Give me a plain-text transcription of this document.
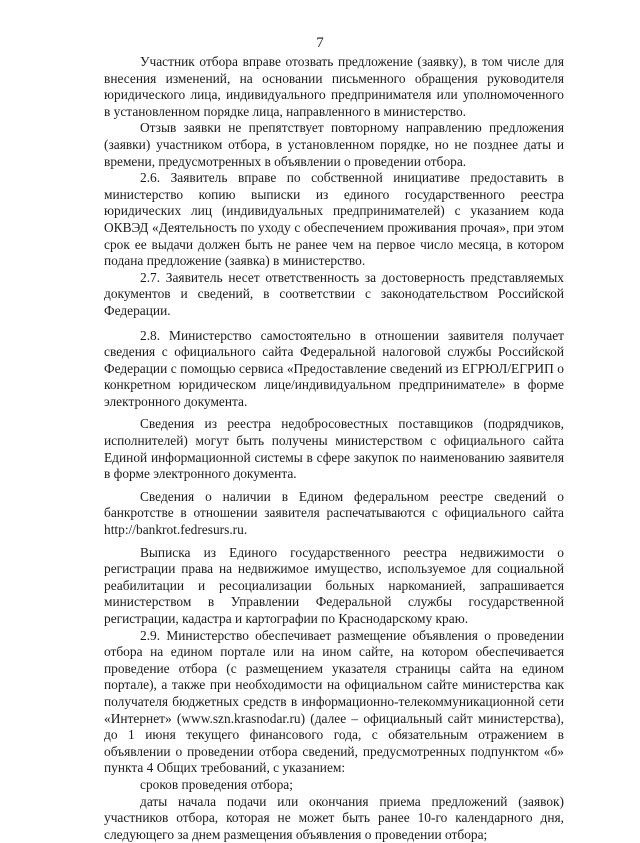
7

Участник отбора вправе отозвать предложение (заявку), в том числе для внесения изменений, на основании письменного обращения руководителя юридического лица, индивидуального предпринимателя или уполномоченного в установленном порядке лица, направленного в министерство.

Отзыв заявки не препятствует повторному направлению предложения (заявки) участником отбора, в установленном порядке, но не позднее даты и времени, предусмотренных в объявлении о проведении отбора.

2.6. Заявитель вправе по собственной инициативе предоставить в министерство копию выписки из единого государственного реестра юридических лиц (индивидуальных предпринимателей) с указанием кода ОКВЭД «Деятельность по уходу с обеспечением проживания прочая», при этом срок ее выдачи должен быть не ранее чем на первое число месяца, в котором подана предложение (заявка) в министерство.

2.7. Заявитель несет ответственность за достоверность представляемых документов и сведений, в соответствии с законодательством Российской Федерации.

2.8. Министерство самостоятельно в отношении заявителя получает сведения с официального сайта Федеральной налоговой службы Российской Федерации с помощью сервиса «Предоставление сведений из ЕГРЮЛ/ЕГРИП о конкретном юридическом лице/индивидуальном предпринимателе» в форме электронного документа.

Сведения из реестра недобросовестных поставщиков (подрядчиков, исполнителей) могут быть получены министерством с официального сайта Единой информационной системы в сфере закупок по наименованию заявителя в форме электронного документа.

Сведения о наличии в Едином федеральном реестре сведений о банкротстве в отношении заявителя распечатываются с официального сайта http://bankrot.fedresurs.ru.

Выписка из Единого государственного реестра недвижимости о регистрации права на недвижимое имущество, используемое для социальной реабилитации и ресоциализации больных наркоманией, запрашивается министерством в Управлении Федеральной службы государственной регистрации, кадастра и картографии по Краснодарскому краю.

2.9. Министерство обеспечивает размещение объявления о проведении отбора на едином портале или на ином сайте, на котором обеспечивается проведение отбора (с размещением указателя страницы сайта на едином портале), а также при необходимости на официальном сайте министерства как получателя бюджетных средств в информационно-телекоммуникационной сети «Интернет» (www.szn.krasnodar.ru) (далее – официальный сайт министерства), до 1 июня текущего финансового года, с обязательным отражением в объявлении о проведении отбора сведений, предусмотренных подпунктом «б» пункта 4 Общих требований, с указанием:

сроков проведения отбора;

даты начала подачи или окончания приема предложений (заявок) участников отбора, которая не может быть ранее 10-го календарного дня, следующего за днем размещения объявления о проведении отбора;
